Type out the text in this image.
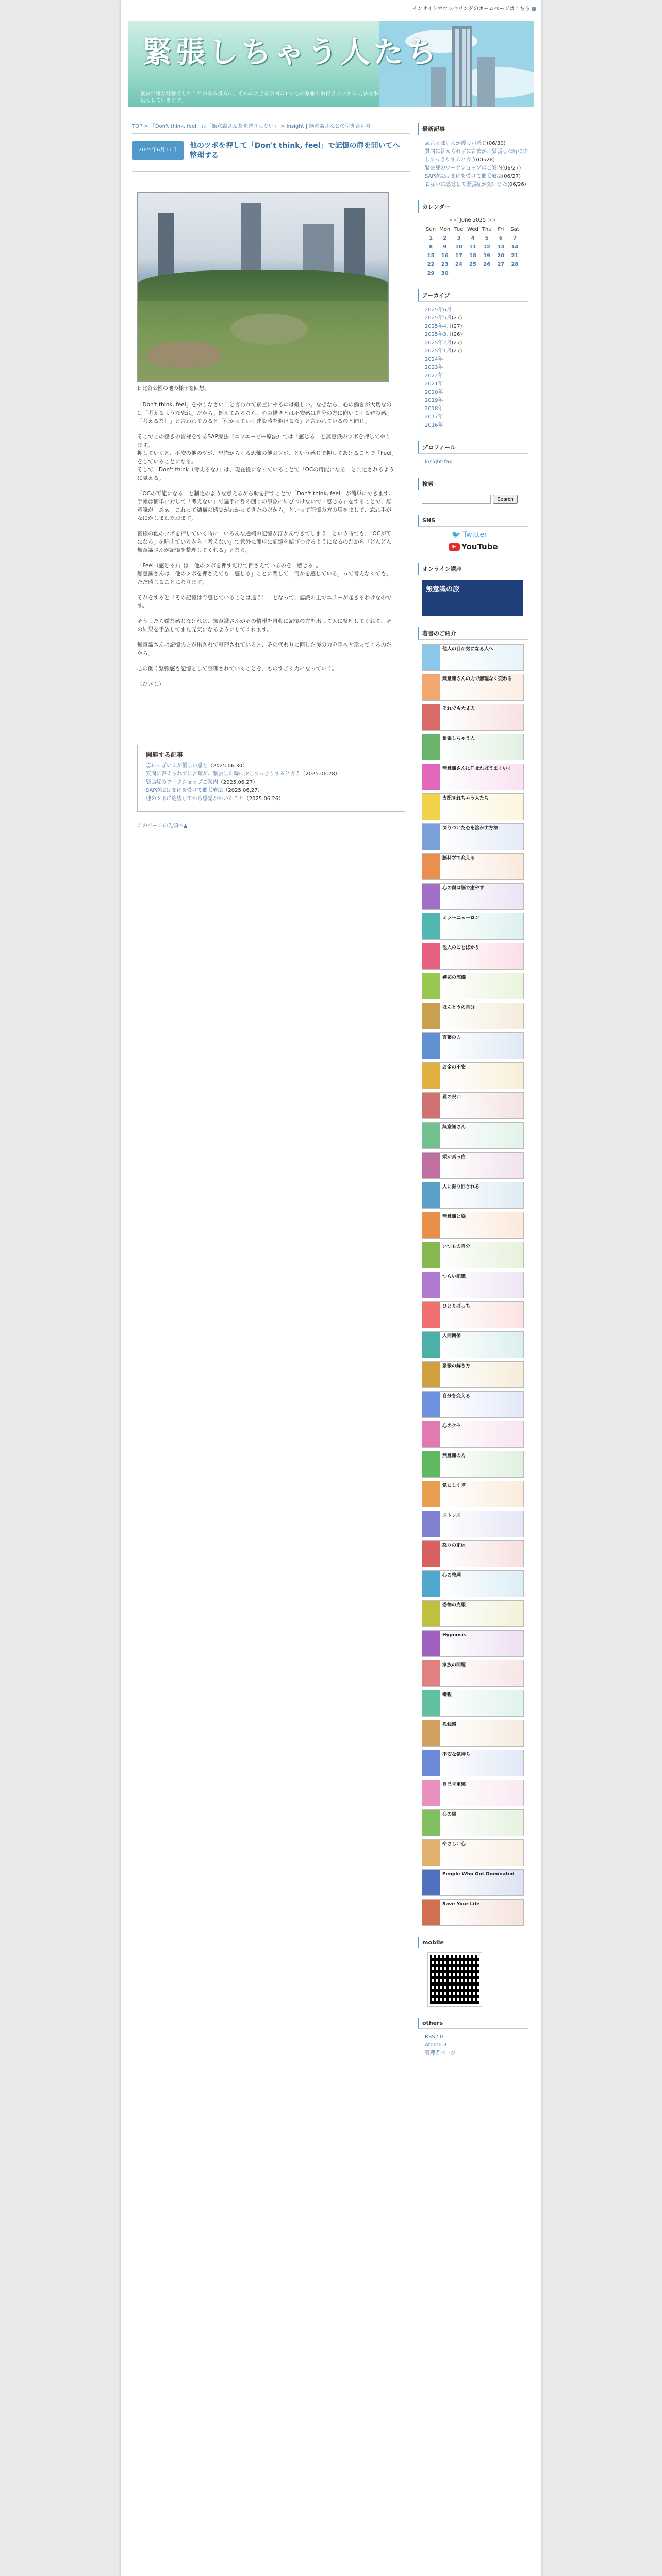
インサイトカウンセリングのホームページはこちら ›
緊張しちゃう人たち
緊張で嫌な経験をしたことのある貴方に、それの大きな原因の1つ 心の緊張とお付き合いする 方法をお伝えしていきます。
TOP > 「Don't think, feel」は「無意識さんを先送りしない」 > Insight | 無意識さんとの付き合い方
2025年6月17日
他のツボを押して「Don't think, feel」で記憶の扉を開いてへ整理する
日比谷公園の池の様子を回想。

「Don't think, feel」をやりなさい！と言われて素直にやるのは難しい。なぜなら、心の働きが大切なのは「考えるような恐れ」だから。例えてみるなら、心の働きとは不安感は自分の方に向いてくる建設感。「考えるな！」と言われてみると「何かっていく建設感を避けるな」と言われているのと同じ。

そこでこの働きの皆様をするSAP療法（エフエービー療法）では「感じる」と無意識のツボを押してやります。
押していくと、不安の他のツボ、恐怖からくる恐怖の他のツボ、という感じで押してあげることで「Feel」をしていることになる。
そして「Don't think（考えるな）」は、現在役になっていることで「OCの可能になる」と判定されるように見える。

「OCの可能になる」と制定のような意えるがら助を押すことで「Don't think, feel」が簡単にできます。手帳は簡単に対して「考えない」で過手に身の回りの事象に結びつけないで「感じる」をすることで、無意識が「あぁ！これって結構の感覚がわかってきたのだから」といって記憶の方の扉をまして、忘れ手がなにかしましたおます。

皆様の他のツボを押していく時に「いろんな途端の記憶が浮かんできてしまう」という時でも、「OCが可になる」を唱えているから「考えない」で意外に簡単に記憶を結びつけるようになるのだから「どんどん無意識さんが記憶を整理してくれる」となる。

「Feel（感じる）」は、他のツボを押すだけで押さえているのを「感じる」。
無意識さんは、他のツボを押さえても「感じる」ことに関して「何かを感じている」って考えなくても、ただ感じることになります。

それをすると「その記憶は今感じていることは違う！」となって、認識の上でエラーが起きるわけなのです。

そうしたら嫌な感じなければ、無意識さんがその情報を自動に記憶の方を出して人に整理してくれて、その結果を手放してまた元気になるようにしてくれます。

無意識さんは記憶の方が出されて整理されていると、その代わりに回した後の力を手へと還ってくるのだから。

心の働く緊張感も記憶として整理されていくことを、ものすごく力になっていく。

（ひさし）

関連する記事
忘れっぽい人が優しい感じ（2025.06.30）
質問に答えられずに言葉が、緊張した時に少しすっきりすると言う（2025.06.28）
緊張症のワークショップご案内（2025.06.27）
SAP療法は変化を受けて催眠療法（2025.06.27）
他のツボに絶望してから感覚がかいたこと（2025.06.26）
このページの先頭へ▲
最新記事
忘れっぽい人が優しい感じ(06/30)
質問に答えられずに言葉が、緊張した時に少しすっきりすると言う(06/28)
緊張症のワークショップのご案内(06/27)
SAP療法は変化を受けて催眠療法(06/27)
お互いに感覚して緊張症が強いまた(06/26)
カレンダー
<< June 2025 >>
Sun	Mon	Tue	Wed	Thu	Fri	Sat
1	2	3	4	5	6	7
8	9	10	11	12	13	14
15	16	17	18	19	20	21
22	23	24	25	26	27	28
29	30					
アーカイブ
2025年6月
2025年5月(27)
2025年4月(27)
2025年3月(26)
2025年2月(27)
2025年1月(27)
2024年
2023年
2022年
2021年
2020年
2019年
2018年
2017年
2016年
プロフィール
insight-fax
検索
Search
SNS
🐦 Twitter
▶ YouTube
オンライン講座
無意識の旅
著書のご紹介
他人の目が気になる人へ
無意識さんの力で無理なく変わる
それでも大丈夫
緊張しちゃう人
無意識さんに任せればうまくいく
支配されちゃう人たち
凍りついた心を溶かす方法
脳科学で変える
心の傷は脳で癒やす
ミラーニューロン
他人のことばかり
嫉妬の流儀
ほんとうの自分
言葉の力
お金の不安
親の呪い
無意識さん
頭が真っ白
人に振り回される
無意識と脳
いつもの自分
つらい記憶
ひとりぼっち
人間関係
緊張の解き方
自分を変える
心のクセ
無意識の力
気にしすぎ
ストレス
怒りの正体
心の整理
恐怖の克服
Hypnosis
家族の問題
毒親
孤独感
不安な気持ち
自己肯定感
心の扉
やさしい心
People Who Got Dominated
Save Your Life
mobile
others
RSS2.0
Atom0.3
管理者ページ
